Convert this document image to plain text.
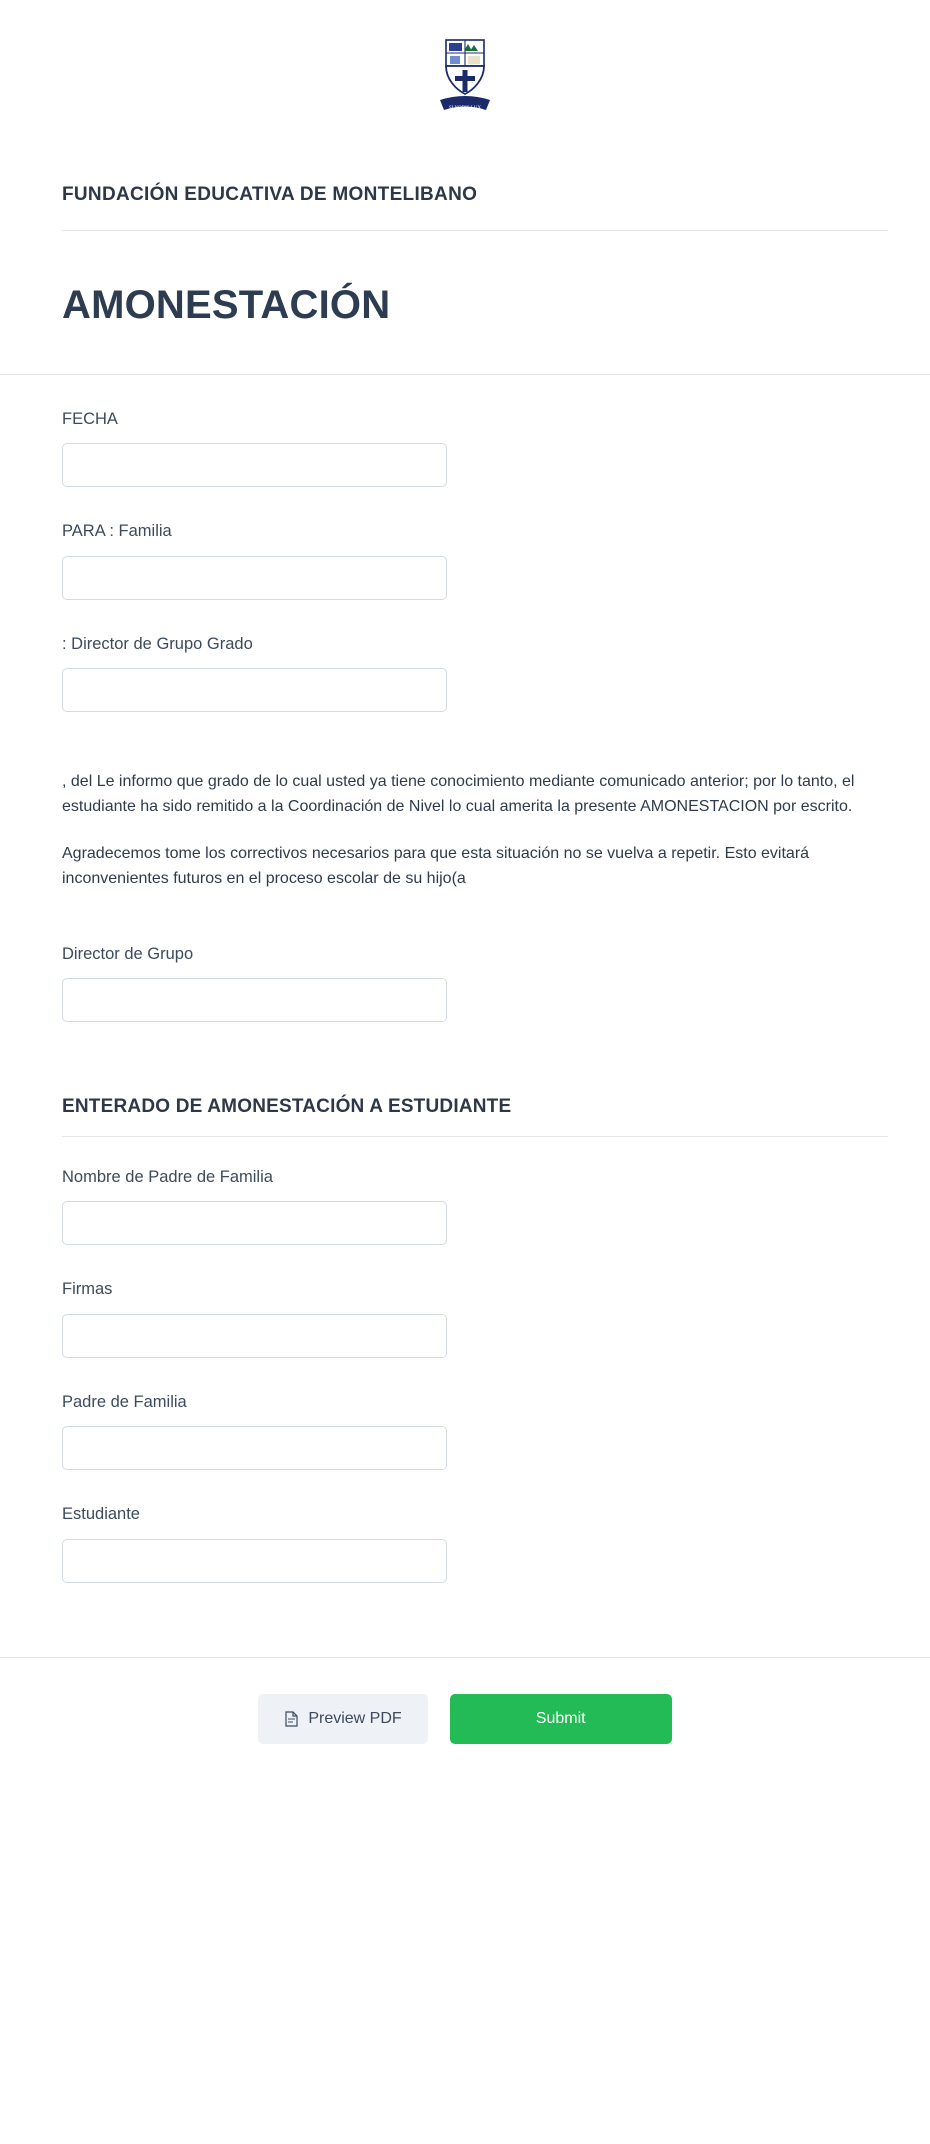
SI NOBIS LUX
FUNDACIÓN EDUCATIVA DE MONTELIBANO
AMONESTACIÓN
FECHA
PARA : Familia
: Director de Grupo Grado
, del Le informo que grado de lo cual usted ya tiene conocimiento mediante comunicado anterior; por lo tanto, el estudiante ha sido remitido a la Coordinación de Nivel lo cual amerita la presente AMONESTACION por escrito.
Agradecemos tome los correctivos necesarios para que esta situación no se vuelva a repetir. Esto evitará inconvenientes futuros en el proceso escolar de su hijo(a
Director de Grupo
ENTERADO DE AMONESTACIÓN A ESTUDIANTE
Nombre de Padre de Familia
Firmas
Padre de Familia
Estudiante
Preview PDF	Submit
